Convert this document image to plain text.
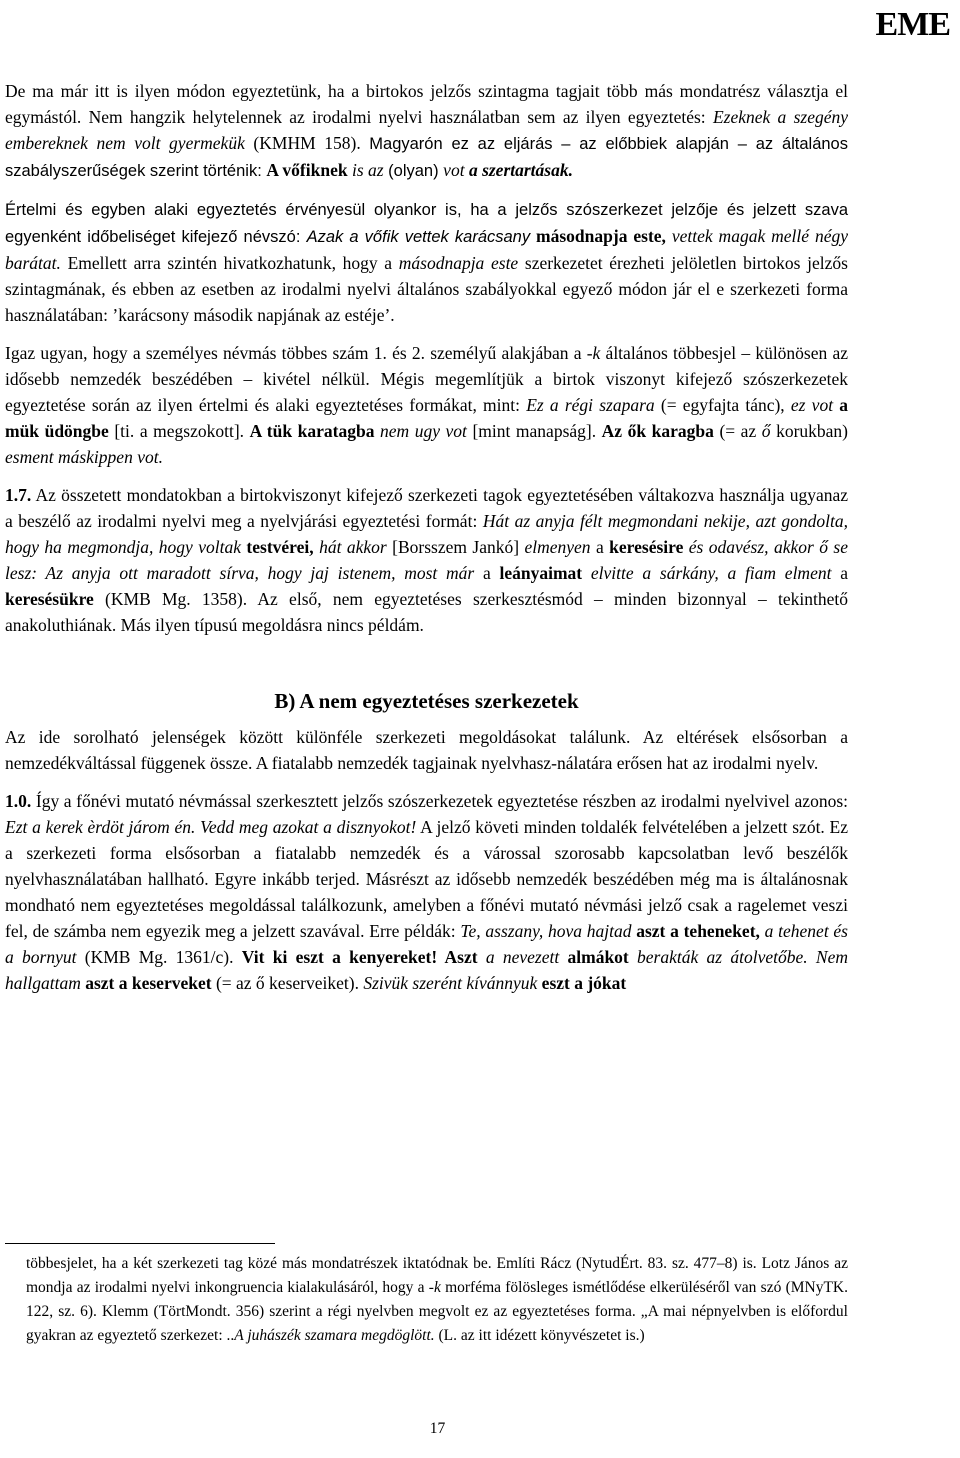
EME

De ma már itt is ilyen módon egyeztetünk, ha a birtokos jelzős szintagma tagjait több más mondatrész választja el egymástól. Nem hangzik helytelennek az irodalmi nyelvi használatban sem az ilyen egyeztetés: Ezeknek a szegény embereknek nem volt gyermekük (KMHM 158). Magyarón ez az eljárás – az előbbiek alapján – az általános szabályszerűségek szerint történik: A vőfiknek is az (olyan) vot a szertartásak.

Értelmi és egyben alaki egyeztetés érvényesül olyankor is, ha a jelzős szószerkezet jelzője és jelzett szava egyenként időbeliséget kifejező névszó: Azak a vőfik vettek karácsany másodnapja este, vettek magak mellé négy barátat. Emellett arra szintén hivatkozhatunk, hogy a másodnapja este szerkezetet érezheti jelöletlen birtokos jelzős szintagmának, és ebben az esetben az irodalmi nyelvi általános szabályokkal egyező módon jár el e szerkezeti forma használatában: ’karácsony második napjának az estéje’.

Igaz ugyan, hogy a személyes névmás többes szám 1. és 2. személyű alakjában a -k általános többesjel – különösen az idősebb nemzedék beszédében – kivétel nélkül. Mégis megemlítjük a birtok viszonyt kifejező szószerkezetek egyeztetése során az ilyen értelmi és alaki egyeztetéses formákat, mint: Ez a régi szapara (= egyfajta tánc), ez vot a mük üdöngbe [ti. a megszokott]. A tük karatagba nem ugy vot [mint manapság]. Az ők karagba (= az ő korukban) esment máskippen vot.

1.7. Az összetett mondatokban a birtokviszonyt kifejező szerkezeti tagok egyeztetésében váltakozva használja ugyanaz a beszélő az irodalmi nyelvi meg a nyelvjárási egyeztetési formát: Hát az anyja félt megmondani nekije, azt gondolta, hogy ha megmondja, hogy voltak testvérei, hát akkor [Borsszem Jankó] elmenyen a keresésire és odavész, akkor ő se lesz: Az anyja ott maradott sírva, hogy jaj istenem, most már a leányaimat elvitte a sárkány, a fiam elment a keresésükre (KMB Mg. 1358). Az első, nem egyeztetéses szerkesztésmód – minden bizonnyal – tekinthető anakoluthiának. Más ilyen típusú megoldásra nincs példám.

B) A nem egyeztetéses szerkezetek

Az ide sorolható jelenségek között különféle szerkezeti megoldásokat találunk. Az eltérések elsősorban a nemzedékváltással függenek össze. A fiatalabb nemzedék tagjainak nyelvhasz-nálatára erősen hat az irodalmi nyelv.

1.0. Így a főnévi mutató névmással szerkesztett jelzős szószerkezetek egyeztetése részben az irodalmi nyelvivel azonos: Ezt a kerek èrdöt járom én. Vedd meg azokat a disznyokot! A jelző követi minden toldalék felvételében a jelzett szót. Ez a szerkezeti forma elsősorban a fiatalabb nemzedék és a várossal szorosabb kapcsolatban levő beszélők nyelvhasználatában hallható. Egyre inkább terjed. Másrészt az idősebb nemzedék beszédében még ma is általánosnak mondható nem egyeztetéses megoldással találkozunk, amelyben a főnévi mutató névmási jelző csak a ragelemet veszi fel, de számba nem egyezik meg a jelzett szavával. Erre példák: Te, asszany, hova hajtad aszt a teheneket, a tehenet és a bornyut (KMB Mg. 1361/c). Vit ki eszt a kenyereket! Aszt a nevezett almákot berakták az átolvetőbe. Nem hallgattam aszt a keserveket (= az ő keserveiket). Szivük szerént kívánnyuk eszt a jókat

többesjelet, ha a két szerkezeti tag közé más mondatrészek iktatódnak be. Említi Rácz (NytudÉrt. 83. sz. 477–8) is. Lotz János az mondja az irodalmi nyelvi inkongruencia kialakulásáról, hogy a -k morféma fölösleges ismétlődése elkerüléséről van szó (MNyTK. 122, sz. 6). Klemm (TörtMondt. 356) szerint a régi nyelvben megvolt ez az egyeztetéses forma. „A mai népnyelvben is előfordul gyakran az egyeztető szerkezet: ..A juhászék szamara megdöglött. (L. az itt idézett könyvészetet is.)

17
